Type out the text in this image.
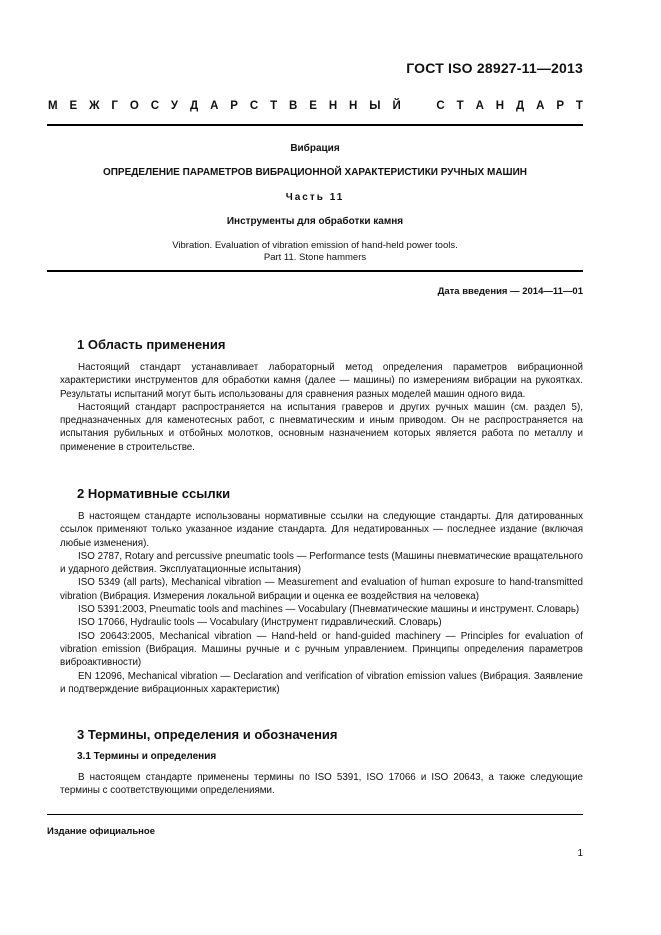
ГОСТ ISO 28927-11—2013
М Е Ж Г О С У Д А Р С Т В Е Н Н Ы Й	С Т А Н Д А Р Т
Вибрация
ОПРЕДЕЛЕНИЕ ПАРАМЕТРОВ ВИБРАЦИОННОЙ ХАРАКТЕРИСТИКИ РУЧНЫХ МАШИН
Часть 11
Инструменты для обработки камня
Vibration. Evaluation of vibration emission of hand-held power tools.
Part 11. Stone hammers
Дата введения — 2014—11—01
1 Область применения

Настоящий стандарт устанавливает лабораторный метод определения параметров вибрационной характеристики инструментов для обработки камня (далее — машины) по измерениям вибрации на рукоятках. Результаты испытаний могут быть использованы для сравнения разных моделей машин одного вида.

Настоящий стандарт распространяется на испытания граверов и других ручных машин (см. раздел 5), предназначенных для каменотесных работ, с пневматическим и иным приводом. Он не распространяется на испытания рубильных и отбойных молотков, основным назначением которых является работа по металлу и применение в строительстве.

2 Нормативные ссылки

В настоящем стандарте использованы нормативные ссылки на следующие стандарты. Для датированных ссылок применяют только указанное издание стандарта. Для недатированных — последнее издание (включая любые изменения).

ISO 2787, Rotary and percussive pneumatic tools — Performance tests (Машины пневматические вращательного и ударного действия. Эксплуатационные испытания)

ISO 5349 (all parts), Mechanical vibration — Measurement and evaluation of human exposure to hand-transmitted vibration (Вибрация. Измерения локальной вибрации и оценка ее воздействия на человека)

ISO 5391:2003, Pneumatic tools and machines — Vocabulary (Пневматические машины и инструмент. Словарь)

ISO 17066, Hydraulic tools — Vocabulary (Инструмент гидравлический. Словарь)

ISO 20643:2005, Mechanical vibration — Hand-held or hand-guided machinery — Principles for evaluation of vibration emission (Вибрация. Машины ручные и с ручным управлением. Принципы определения параметров виброактивности)

EN 12096, Mechanical vibration — Declaration and verification of vibration emission values (Вибрация. Заявление и подтверждение вибрационных характеристик)

3 Термины, определения и обозначения
3.1 Термины и определения

В настоящем стандарте применены термины по ISO 5391, ISO 17066 и ISO 20643, а также следующие термины с соответствующими определениями.

Издание официальное
1
